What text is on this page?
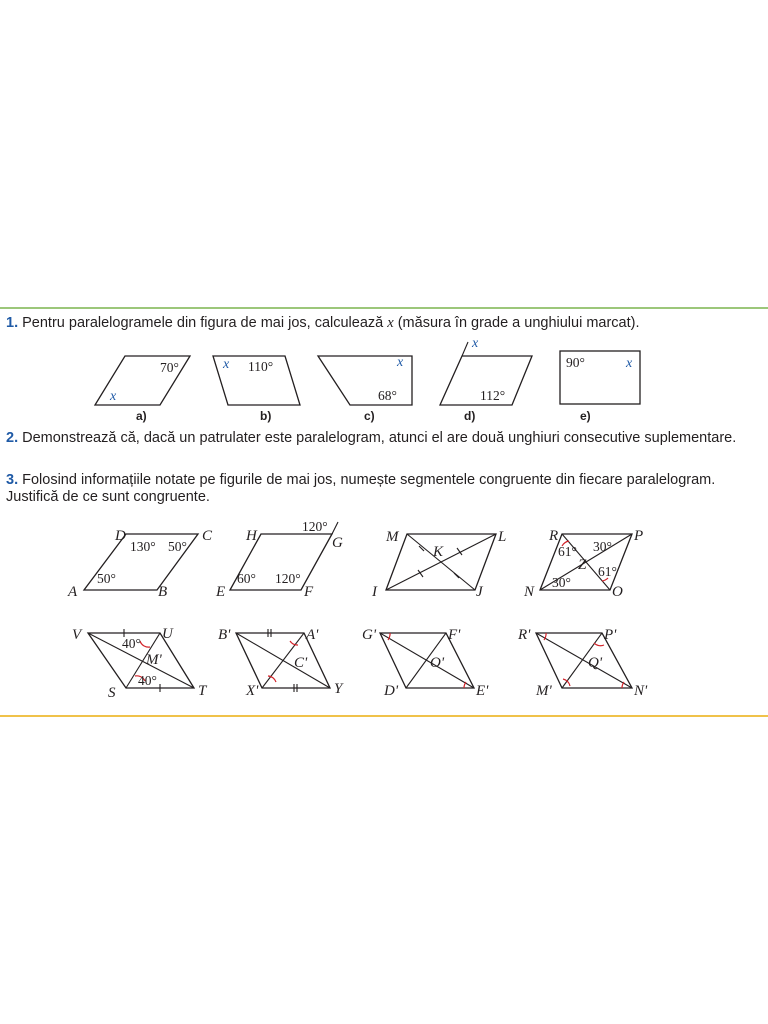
1. Pentru paralelogramele din figura de mai jos, calculează x (măsura în grade a unghiului marcat).
2. Demonstrează că, dacă un patrulater este paralelogram, atunci el are două unghiuri consecutive suplementare.
3. Folosind informațiile notate pe figurile de mai jos, numește segmentele congruente din fiecare paralelogram. Justifică de ce sunt congruente.
70°
x
a)
x 110°
b)
x
68°
c)
x
112°
d)
90°	x
e)
D	C
A	B
130° 50°
50°
H	G
E	F
120°
60° 120°
M	L
I	J
K
R	P
N	O
Z
61° 30°
30°
61°
V	U
S	T
M'
40°
40°
B'	A'
X'	Y
C'
G'	F'
D'	E'
O'
R'	P'
M'	N'
Q'
